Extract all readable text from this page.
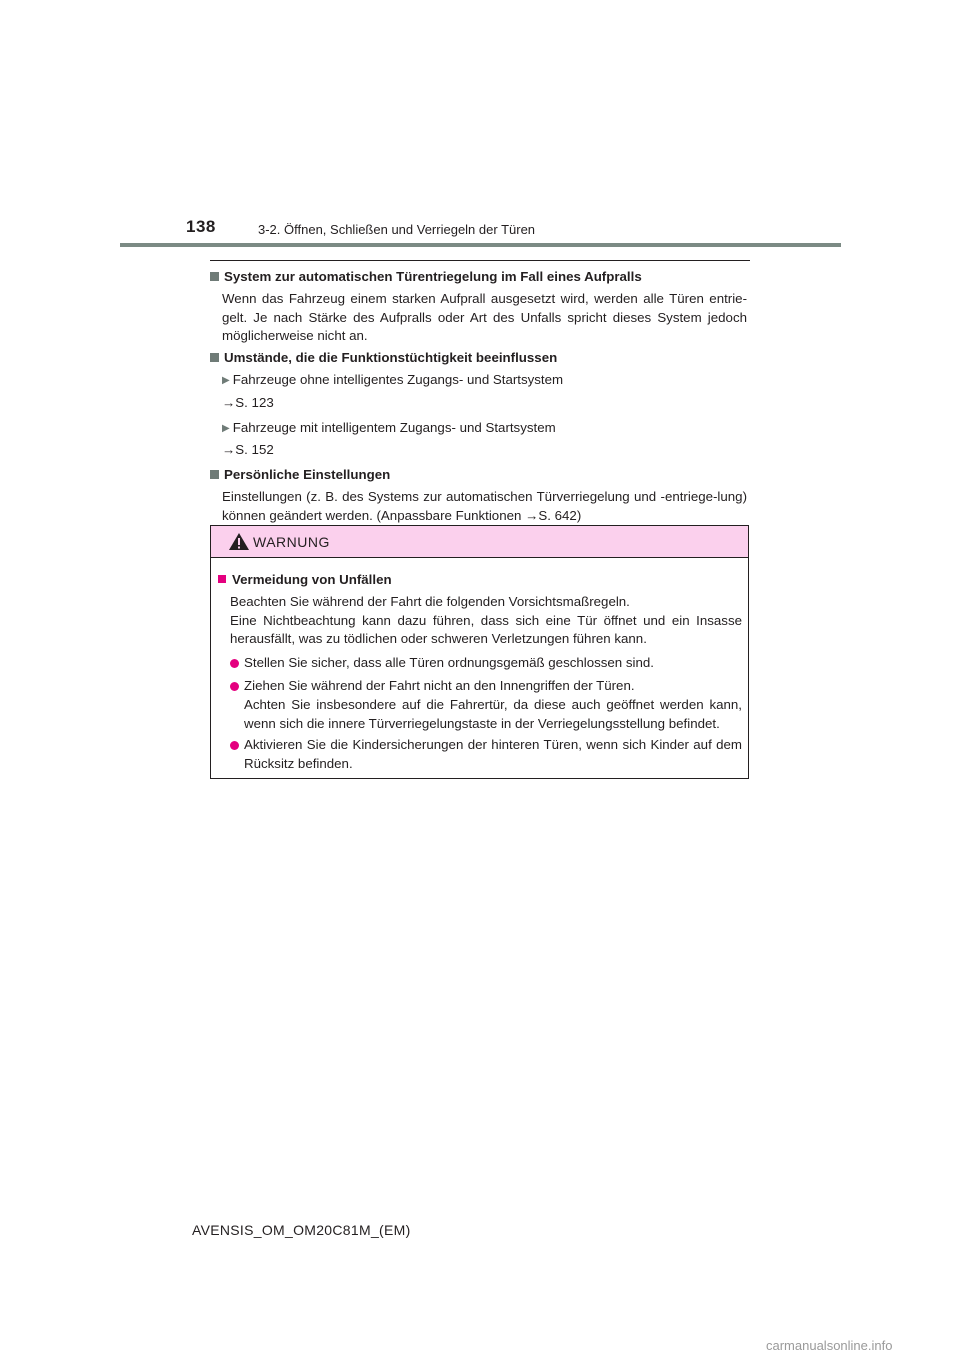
138	3-2. Öffnen, Schließen und Verriegeln der Türen

System zur automatischen Türentriegelung im Fall eines Aufpralls

Wenn das Fahrzeug einem starken Aufprall ausgesetzt wird, werden alle Türen entrie-gelt. Je nach Stärke des Aufpralls oder Art des Unfalls spricht dieses System jedoch möglicherweise nicht an.

Umstände, die die Funktionstüchtigkeit beeinflussen

▶ Fahrzeuge ohne intelligentes Zugangs- und Startsystem

→S. 123

▶ Fahrzeuge mit intelligentem Zugangs- und Startsystem

→S. 152

Persönliche Einstellungen

Einstellungen (z. B. des Systems zur automatischen Türverriegelung und -entriege-lung) können geändert werden. (Anpassbare Funktionen →S. 642)

WARNUNG

Vermeidung von Unfällen

Beachten Sie während der Fahrt die folgenden Vorsichtsmaßregeln.

Eine Nichtbeachtung kann dazu führen, dass sich eine Tür öffnet und ein Insasse herausfällt, was zu tödlichen oder schweren Verletzungen führen kann.

Stellen Sie sicher, dass alle Türen ordnungsgemäß geschlossen sind.
Ziehen Sie während der Fahrt nicht an den Innengriffen der Türen.
Achten Sie insbesondere auf die Fahrertür, da diese auch geöffnet werden kann, wenn sich die innere Türverriegelungstaste in der Verriegelungsstellung befindet.
Aktivieren Sie die Kindersicherungen der hinteren Türen, wenn sich Kinder auf dem Rücksitz befinden.
AVENSIS_OM_OM20C81M_(EM)
carmanualsonline.info
